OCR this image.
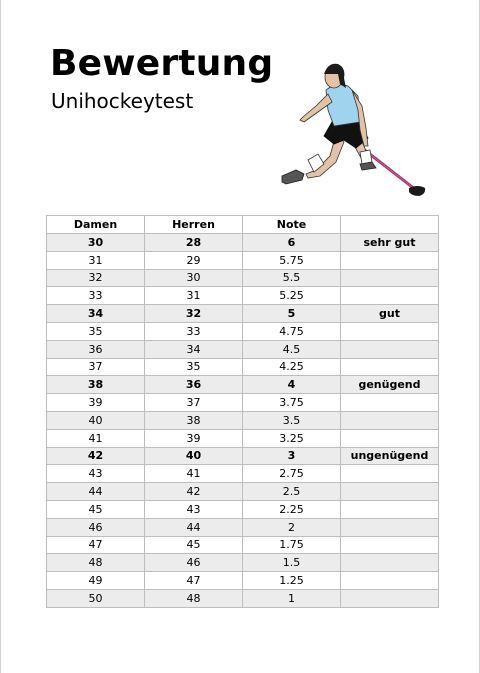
Bewertung
Unihockeytest
Damen	Herren	Note	
30	28	6	sehr gut
31	29	5.75	
32	30	5.5	
33	31	5.25	
34	32	5	gut
35	33	4.75	
36	34	4.5	
37	35	4.25	
38	36	4	genügend
39	37	3.75	
40	38	3.5	
41	39	3.25	
42	40	3	ungenügend
43	41	2.75	
44	42	2.5	
45	43	2.25	
46	44	2	
47	45	1.75	
48	46	1.5	
49	47	1.25	
50	48	1	
